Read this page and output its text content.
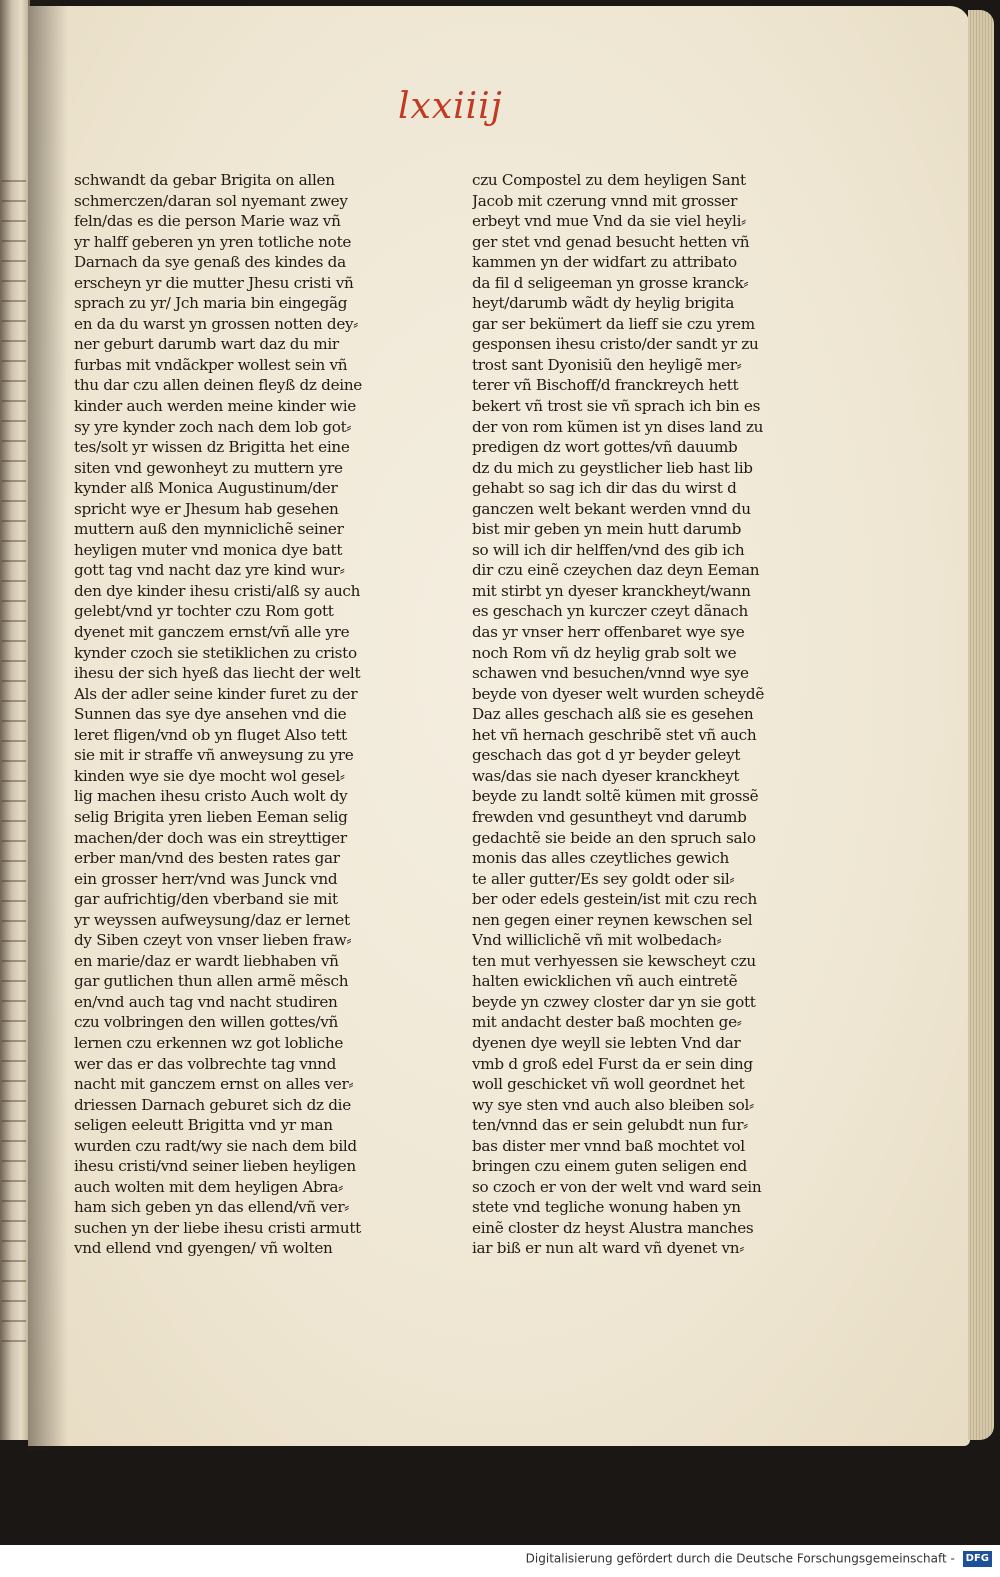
lxxiiij
schwandt da gebar Brigita on allen
schmerczen/daran sol nyemant zwey
feln/das es die person Marie waz vñ
yr halff geberen yn yren totliche note
Darnach da sye genaß des kindes da
erscheyn yr die mutter Jhesu cristi vñ
sprach zu yr/ Jch maria bin eingegãg
en da du warst yn grossen notten dey⸗
ner geburt darumb wart daz du mir
furbas mit vndãckper wollest sein vñ
thu dar czu allen deinen fleyß dz deine
kinder auch werden meine kinder wie
sy yre kynder zoch nach dem lob got⸗
tes/solt yr wissen dz Brigitta het eine
siten vnd gewonheyt zu muttern yre
kynder alß Monica Augustinum/der
spricht wye er Jhesum hab gesehen
muttern auß den mynniclichẽ seiner
heyligen muter vnd monica dye batt
gott tag vnd nacht daz yre kind wur⸗
den dye kinder ihesu cristi/alß sy auch
gelebt/vnd yr tochter czu Rom gott
dyenet mit ganczem ernst/vñ alle yre
kynder czoch sie stetiklichen zu cristo
ihesu der sich hyeß das liecht der welt
Als der adler seine kinder furet zu der
Sunnen das sye dye ansehen vnd die
leret fligen/vnd ob yn fluget Also tett
sie mit ir straffe vñ anweysung zu yre
kinden wye sie dye mocht wol gesel⸗
lig machen ihesu cristo Auch wolt dy
selig Brigita yren lieben Eeman selig
machen/der doch was ein streyttiger
erber man/vnd des besten rates gar
ein grosser herr/vnd was Junck vnd
gar aufrichtig/den vberband sie mit
yr weyssen aufweysung/daz er lernet
dy Siben czeyt von vnser lieben fraw⸗
en marie/daz er wardt liebhaben vñ
gar gutlichen thun allen armẽ mẽsch
en/vnd auch tag vnd nacht studiren
czu volbringen den willen gottes/vñ
lernen czu erkennen wz got lobliche
wer das er das volbrechte tag vnnd
nacht mit ganczem ernst on alles ver⸗
driessen Darnach geburet sich dz die
seligen eeleutt Brigitta vnd yr man
wurden czu radt/wy sie nach dem bild
ihesu cristi/vnd seiner lieben heyligen
auch wolten mit dem heyligen Abra⸗
ham sich geben yn das ellend/vñ ver⸗
suchen yn der liebe ihesu cristi armutt
vnd ellend vnd gyengen/ vñ wolten
czu Compostel zu dem heyligen Sant
Jacob mit czerung vnnd mit grosser
erbeyt vnd mue Vnd da sie viel heyli⸗
ger stet vnd genad besucht hetten vñ
kammen yn der widfart zu attribato
da fil d seligeeman yn grosse kranck⸗
heyt/darumb wãdt dy heylig brigita
gar ser bekümert da lieff sie czu yrem
gesponsen ihesu cristo/der sandt yr zu
trost sant Dyonisiũ den heyligẽ mer⸗
terer vñ Bischoff/d franckreych hett
bekert vñ trost sie vñ sprach ich bin es
der von rom kũmen ist yn dises land zu
predigen dz wort gottes/vñ dauumb
dz du mich zu geystlicher lieb hast lib
gehabt so sag ich dir das du wirst d
ganczen welt bekant werden vnnd du
bist mir geben yn mein hutt darumb
so will ich dir helffen/vnd des gib ich
dir czu einẽ czeychen daz deyn Eeman
mit stirbt yn dyeser kranckheyt/wann
es geschach yn kurczer czeyt dãnach
das yr vnser herr offenbaret wye sye
noch Rom vñ dz heylig grab solt we
schawen vnd besuchen/vnnd wye sye
beyde von dyeser welt wurden scheydẽ
Daz alles geschach alß sie es gesehen
het vñ hernach geschribẽ stet vñ auch
geschach das got d yr beyder geleyt
was/das sie nach dyeser kranckheyt
beyde zu landt soltẽ kümen mit grossẽ
frewden vnd gesuntheyt vnd darumb
gedachtẽ sie beide an den spruch salo
monis das alles czeytliches gewich
te aller gutter/Es sey goldt oder sil⸗
ber oder edels gestein/ist mit czu rech
nen gegen einer reynen kewschen sel
Vnd williclichẽ vñ mit wolbedach⸗
ten mut verhyessen sie kewscheyt czu
halten ewicklichen vñ auch eintretẽ
beyde yn czwey closter dar yn sie gott
mit andacht dester baß mochten ge⸗
dyenen dye weyll sie lebten Vnd dar
vmb d groß edel Furst da er sein ding
woll geschicket vñ woll geordnet het
wy sye sten vnd auch also bleiben sol⸗
ten/vnnd das er sein gelubdt nun fur⸗
bas dister mer vnnd baß mochtet vol
bringen czu einem guten seligen end
so czoch er von der welt vnd ward sein
stete vnd tegliche wonung haben yn
einẽ closter dz heyst Alustra manches
iar biß er nun alt ward vñ dyenet vn⸗
Digitalisierung gefördert durch die Deutsche Forschungsgemeinschaft - DFG
